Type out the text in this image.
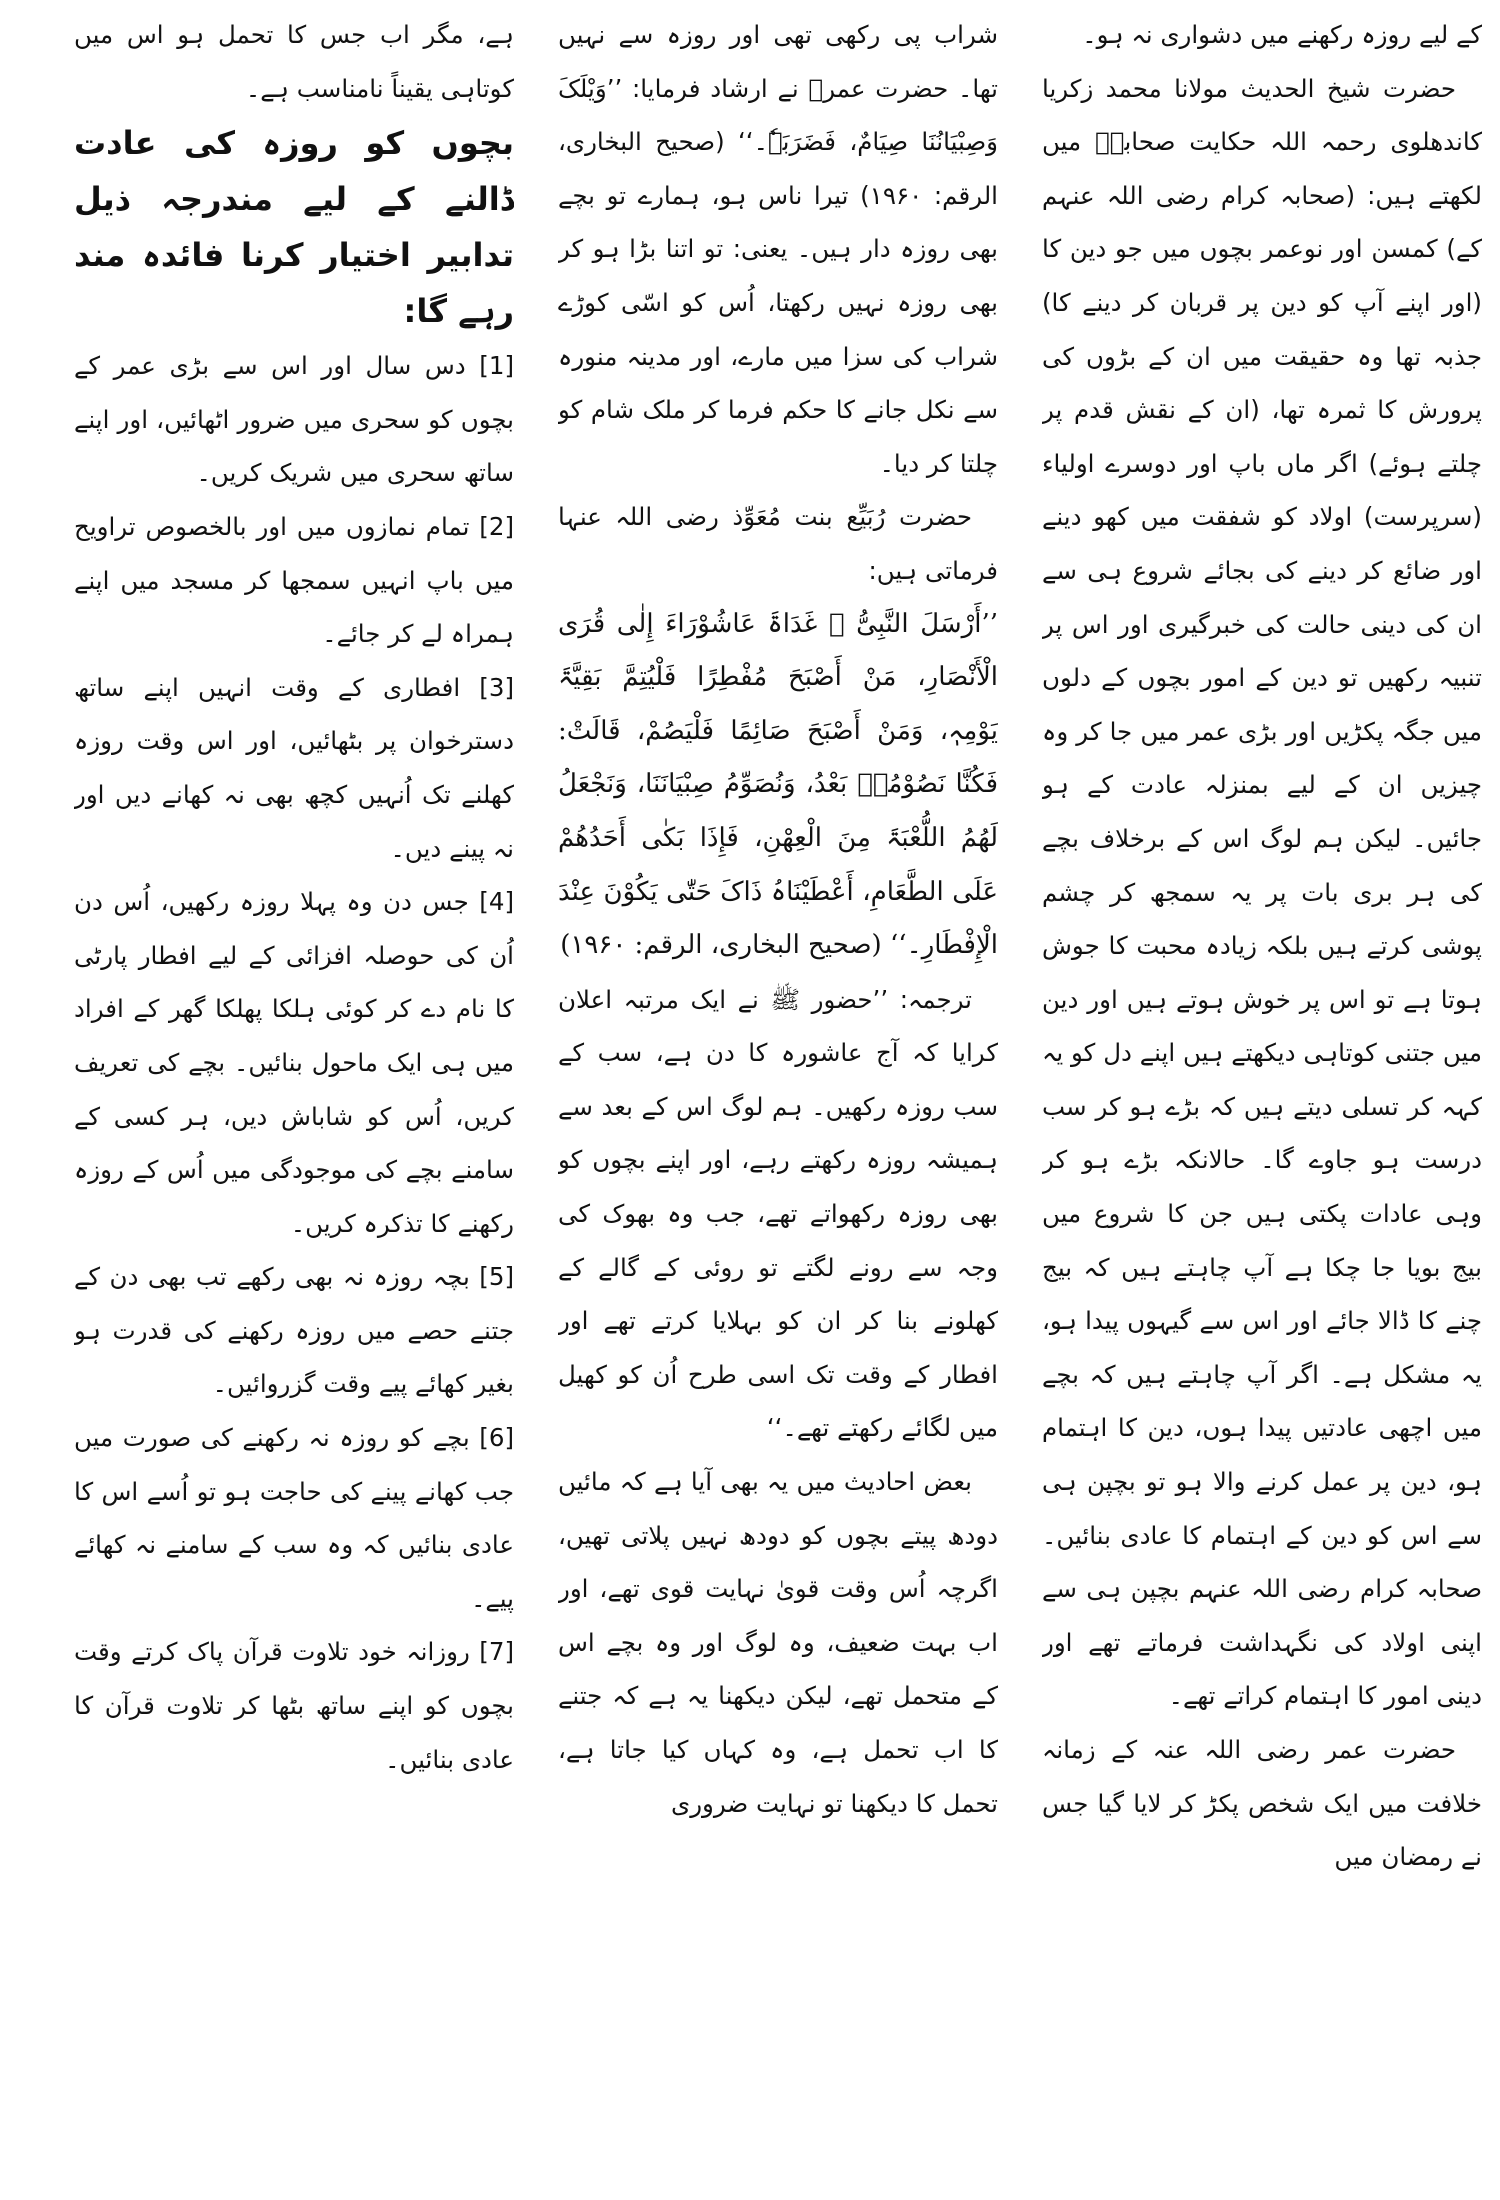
کے لیے روزہ رکھنے میں دشواری نہ ہو۔

حضرت شیخ الحدیث مولانا محمد زکریا کاندھلوی رحمہ اللہ حکایت صحابہؓ میں لکھتے ہیں: (صحابہ کرام رضی اللہ عنہم کے) کمسن اور نوعمر بچوں میں جو دین کا (اور اپنے آپ کو دین پر قربان کر دینے کا) جذبہ تھا وہ حقیقت میں ان کے بڑوں کی پرورش کا ثمرہ تھا، (ان کے نقش قدم پر چلتے ہوئے) اگر ماں باپ اور دوسرے اولیاء (سرپرست) اولاد کو شفقت میں کھو دینے اور ضائع کر دینے کی بجائے شروع ہی سے ان کی دینی حالت کی خبرگیری اور اس پر تنبیہ رکھیں تو دین کے امور بچوں کے دلوں میں جگہ پکڑیں اور بڑی عمر میں جا کر وہ چیزیں ان کے لیے بمنزلہ عادت کے ہو جائیں۔ لیکن ہم لوگ اس کے برخلاف بچے کی ہر بری بات پر یہ سمجھ کر چشم پوشی کرتے ہیں بلکہ زیادہ محبت کا جوش ہوتا ہے تو اس پر خوش ہوتے ہیں اور دین میں جتنی کوتاہی دیکھتے ہیں اپنے دل کو یہ کہہ کر تسلی دیتے ہیں کہ بڑے ہو کر سب درست ہو جاوے گا۔ حالانکہ بڑے ہو کر وہی عادات پکتی ہیں جن کا شروع میں بیج بویا جا چکا ہے آپ چاہتے ہیں کہ بیج چنے کا ڈالا جائے اور اس سے گیہوں پیدا ہو، یہ مشکل ہے۔ اگر آپ چاہتے ہیں کہ بچے میں اچھی عادتیں پیدا ہوں، دین کا اہتمام ہو، دین پر عمل کرنے والا ہو تو بچپن ہی سے اس کو دین کے اہتمام کا عادی بنائیں۔ صحابہ کرام رضی اللہ عنہم بچپن ہی سے اپنی اولاد کی نگہداشت فرماتے تھے اور دینی امور کا اہتمام کراتے تھے۔

حضرت عمر رضی اللہ عنہ کے زمانہ خلافت میں ایک شخص پکڑ کر لایا گیا جس نے رمضان میں

شراب پی رکھی تھی اور روزہ سے نہیں تھا۔ حضرت عمرؓ نے ارشاد فرمایا: ’’وَیْلَکَ وَصِبْیَانُنَا صِیَامٌ، فَضَرَبَہٗ۔‘‘ (صحیح البخاری، الرقم: ۱۹۶۰) تیرا ناس ہو، ہمارے تو بچے بھی روزہ دار ہیں۔ یعنی: تو اتنا بڑا ہو کر بھی روزہ نہیں رکھتا، اُس کو اسّی کوڑے شراب کی سزا میں مارے، اور مدینہ منورہ سے نکل جانے کا حکم فرما کر ملک شام کو چلتا کر دیا۔

حضرت رُبَیِّع بنت مُعَوِّذ رضی اللہ عنہا فرماتی ہیں:

’’أَرْسَلَ النَّبِیُّ ﷺ غَدَاۃَ عَاشُوْرَاءَ إِلٰی قُرَی الْأَنْصَارِ، مَنْ أَصْبَحَ مُفْطِرًا فَلْیُتِمَّ بَقِیَّۃَ یَوْمِہٖ، وَمَنْ أَصْبَحَ صَائِمًا فَلْیَصُمْ، قَالَتْ: فَکُنَّا نَصُوْمُہٗ بَعْدُ، وَنُصَوِّمُ صِبْیَانَنَا، وَنَجْعَلُ لَھُمُ اللُّعْبَۃَ مِنَ الْعِھْنِ، فَإِذَا بَکٰی أَحَدُھُمْ عَلَی الطَّعَامِ، أَعْطَیْنَاہُ ذَاکَ حَتّٰی یَکُوْنَ عِنْدَ الْإِفْطَارِ۔‘‘ (صحیح البخاری، الرقم: ۱۹۶۰)

ترجمہ: ’’حضور ﷺ نے ایک مرتبہ اعلان کرایا کہ آج عاشورہ کا دن ہے، سب کے سب روزہ رکھیں۔ ہم لوگ اس کے بعد سے ہمیشہ روزہ رکھتے رہے، اور اپنے بچوں کو بھی روزہ رکھواتے تھے، جب وہ بھوک کی وجہ سے رونے لگتے تو روئی کے گالے کے کھلونے بنا کر ان کو بہلایا کرتے تھے اور افطار کے وقت تک اسی طرح اُن کو کھیل میں لگائے رکھتے تھے۔‘‘

بعض احادیث میں یہ بھی آیا ہے کہ مائیں دودھ پیتے بچوں کو دودھ نہیں پلاتی تھیں، اگرچہ اُس وقت قویٰ نہایت قوی تھے، اور اب بہت ضعیف، وہ لوگ اور وہ بچے اس کے متحمل تھے، لیکن دیکھنا یہ ہے کہ جتنے کا اب تحمل ہے، وہ کہاں کیا جاتا ہے، تحمل کا دیکھنا تو نہایت ضروری

ہے، مگر اب جس کا تحمل ہو اس میں کوتاہی یقیناً نامناسب ہے۔

بچوں کو روزہ کی عادت ڈالنے کے لیے مندرجہ ذیل تدابیر اختیار کرنا فائدہ مند رہے گا:

[1] دس سال اور اس سے بڑی عمر کے بچوں کو سحری میں ضرور اٹھائیں، اور اپنے ساتھ سحری میں شریک کریں۔

[2] تمام نمازوں میں اور بالخصوص تراویح میں باپ انہیں سمجھا کر مسجد میں اپنے ہمراہ لے کر جائے۔

[3] افطاری کے وقت انہیں اپنے ساتھ دسترخوان پر بٹھائیں، اور اس وقت روزہ کھلنے تک اُنہیں کچھ بھی نہ کھانے دیں اور نہ پینے دیں۔

[4] جس دن وہ پہلا روزہ رکھیں، اُس دن اُن کی حوصلہ افزائی کے لیے افطار پارٹی کا نام دے کر کوئی ہلکا پھلکا گھر کے افراد میں ہی ایک ماحول بنائیں۔ بچے کی تعریف کریں، اُس کو شاباش دیں، ہر کسی کے سامنے بچے کی موجودگی میں اُس کے روزہ رکھنے کا تذکرہ کریں۔

[5] بچہ روزہ نہ بھی رکھے تب بھی دن کے جتنے حصے میں روزہ رکھنے کی قدرت ہو بغیر کھائے پیے وقت گزروائیں۔

[6] بچے کو روزہ نہ رکھنے کی صورت میں جب کھانے پینے کی حاجت ہو تو اُسے اس کا عادی بنائیں کہ وہ سب کے سامنے نہ کھائے پیے۔

[7] روزانہ خود تلاوت قرآن پاک کرتے وقت بچوں کو اپنے ساتھ بٹھا کر تلاوت قرآن کا عادی بنائیں۔
